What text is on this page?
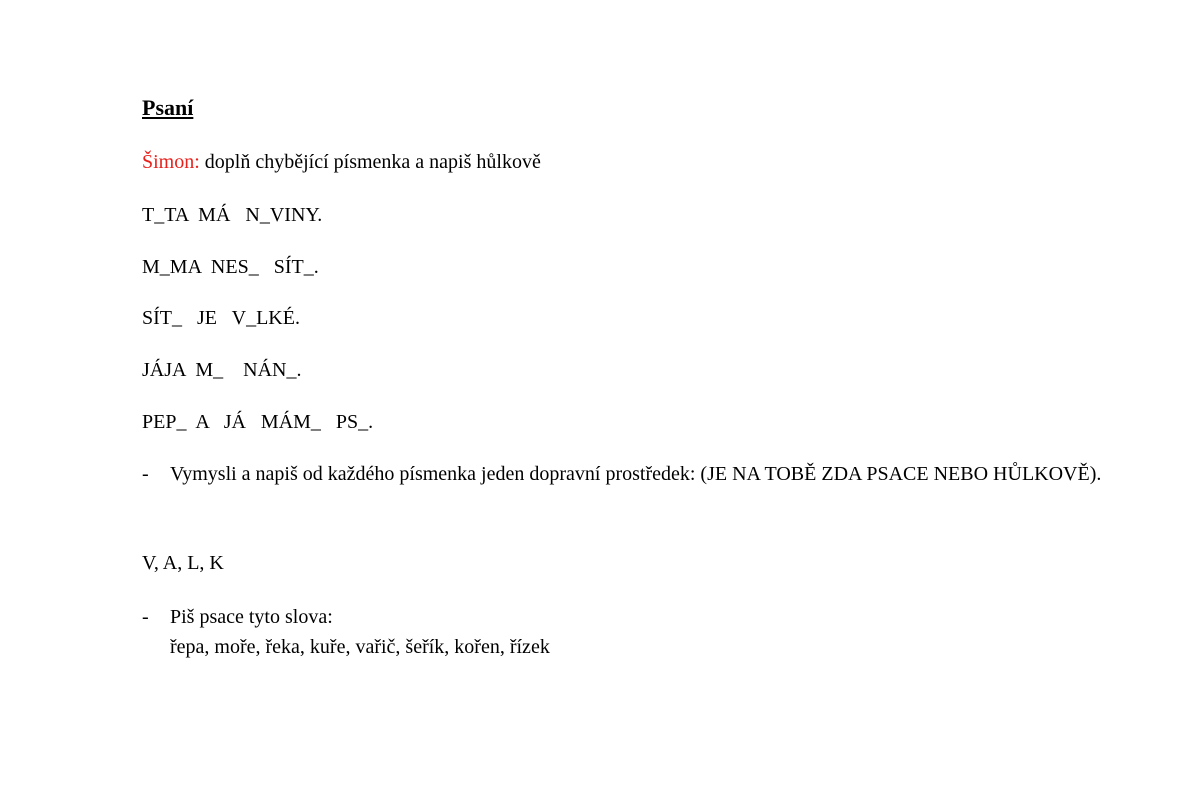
Psaní
Šimon: doplň chybějící písmenka a napiš hůlkově
T_TA  MÁ   N_VINY.
M_MA  NES_   SÍT_.
SÍT_   JE   V_LKÉ.
JÁJA  M_    NÁN_.
PEP_  A   JÁ   MÁM_   PS_.
- Vymysli a napiš od každého písmenka jeden dopravní prostředek: (JE NA TOBĚ ZDA PSACE NEBO HŮLKOVĚ).
V, A, L, K
- Piš psace tyto slova:
řepa, moře, řeka, kuře, vařič, šeřík, kořen, řízek
